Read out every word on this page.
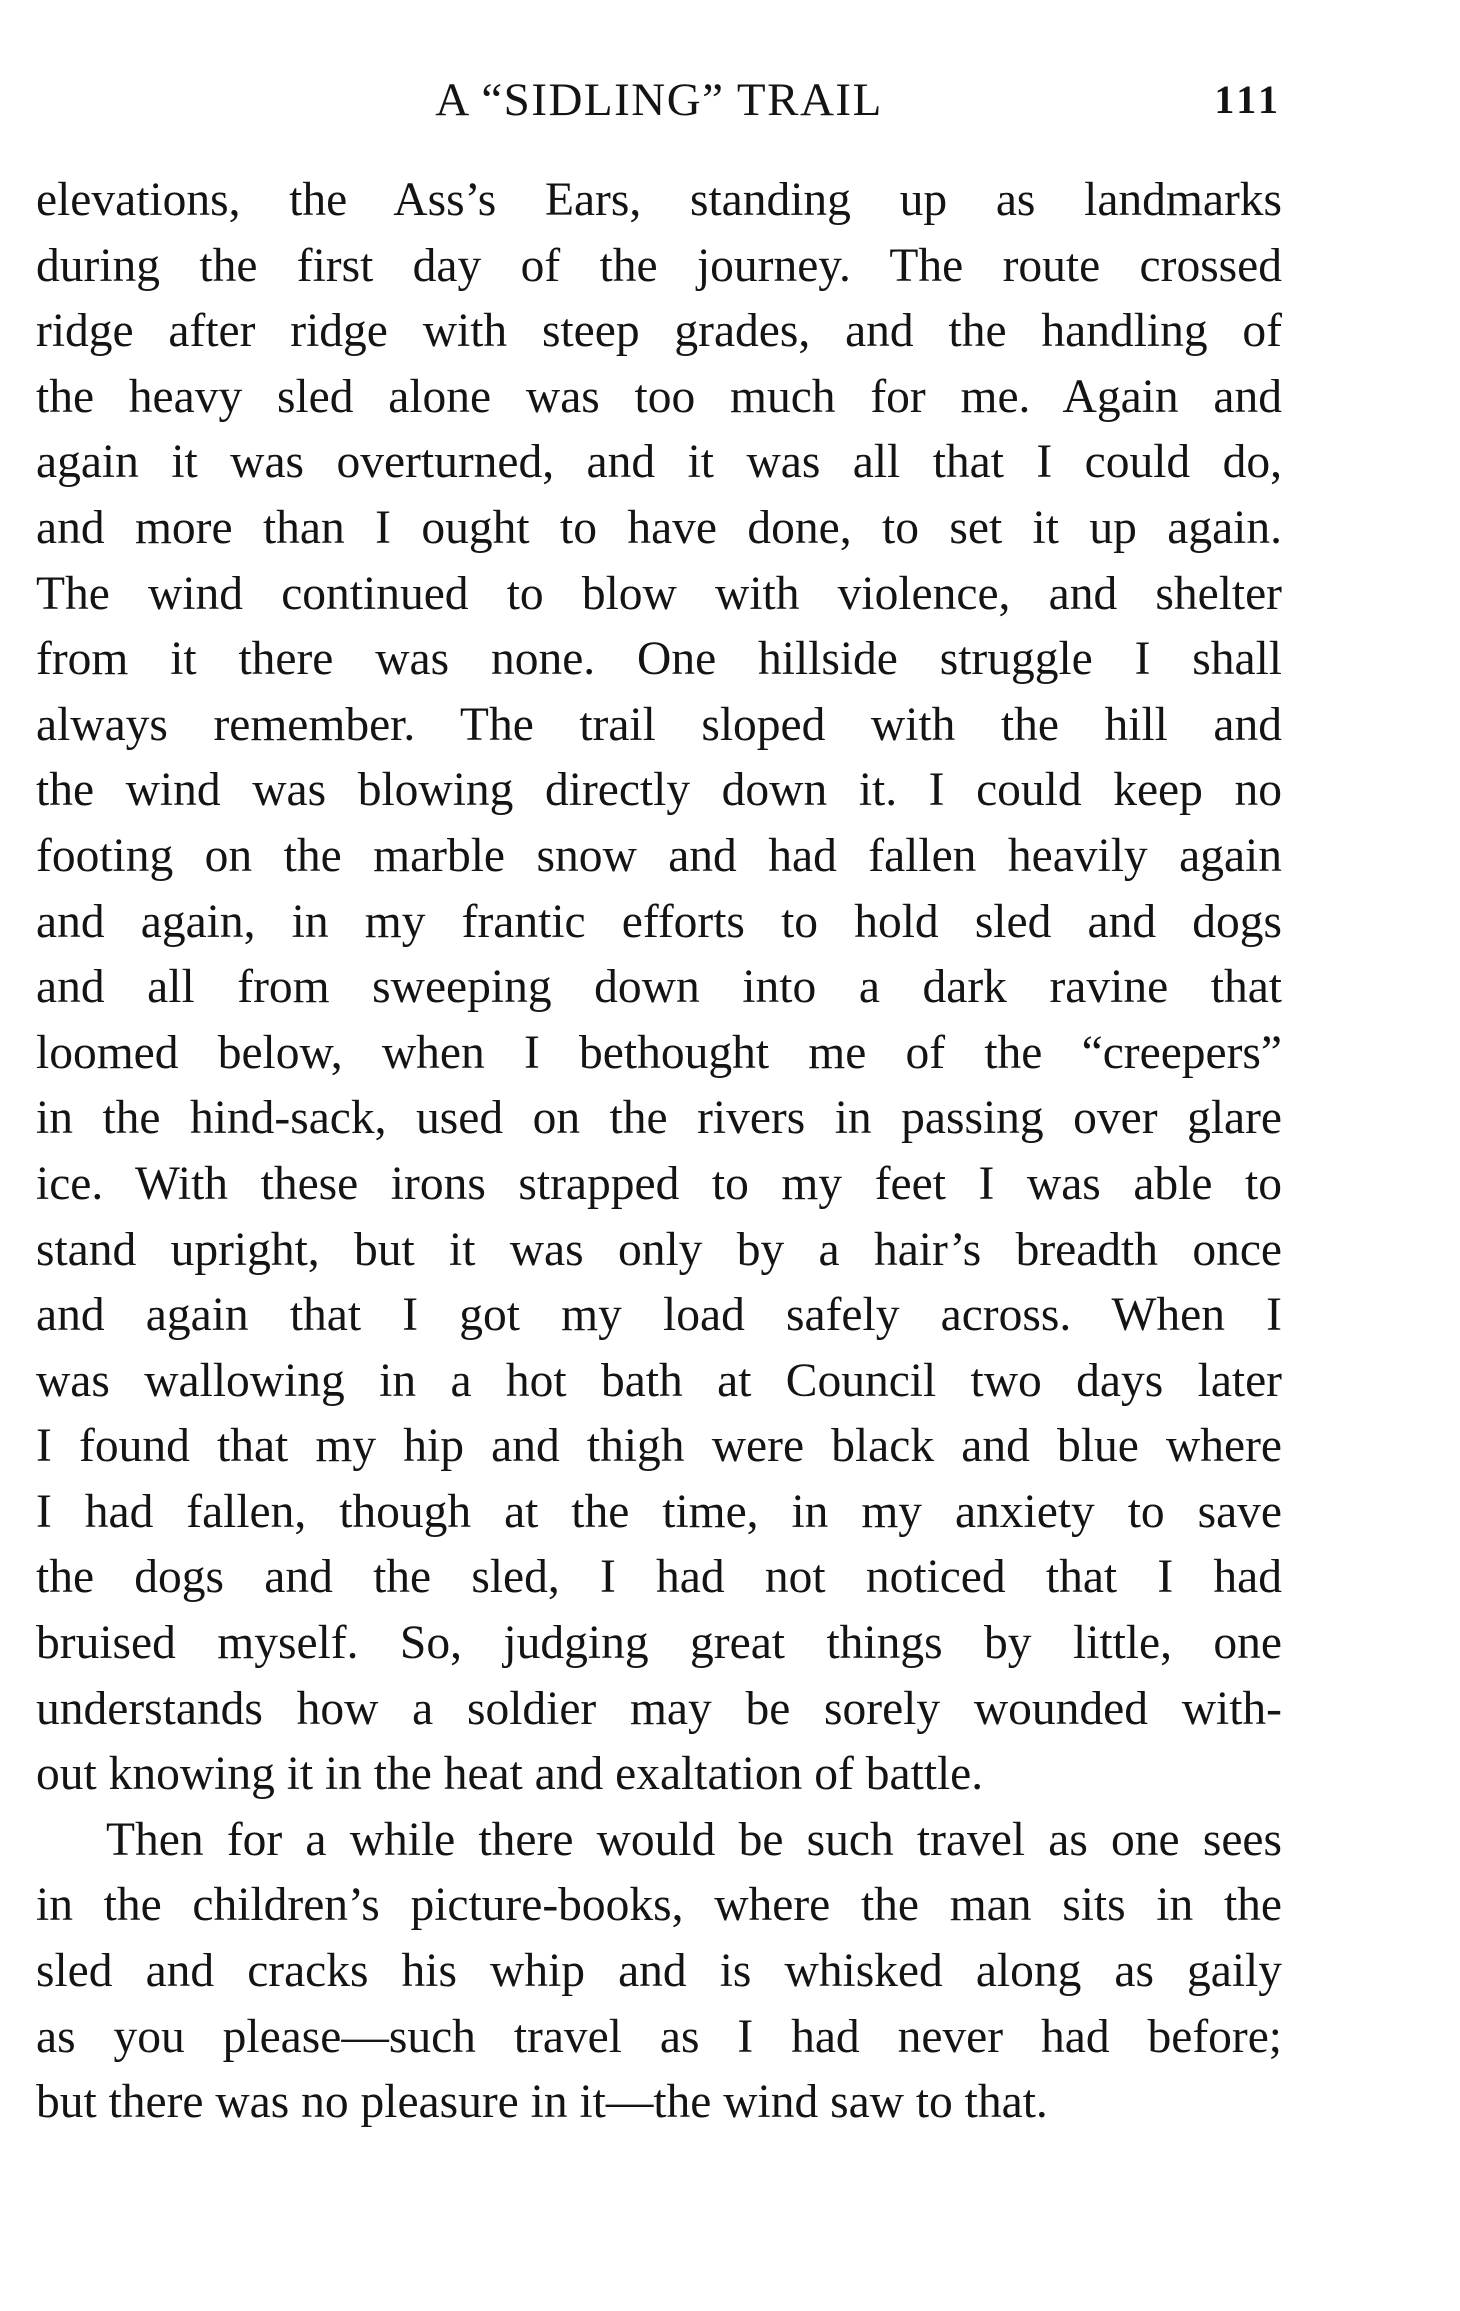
A “SIDLING” TRAIL	111

elevations, the Ass’s Ears, standing up as landmarks
during the first day of the journey. The route crossed
ridge after ridge with steep grades, and the handling of
the heavy sled alone was too much for me. Again and
again it was overturned, and it was all that I could do,
and more than I ought to have done, to set it up again.
The wind continued to blow with violence, and shelter
from it there was none. One hillside struggle I shall
always remember. The trail sloped with the hill and
the wind was blowing directly down it. I could keep no
footing on the marble snow and had fallen heavily again
and again, in my frantic efforts to hold sled and dogs
and all from sweeping down into a dark ravine that
loomed below, when I bethought me of the “creepers”
in the hind-sack, used on the rivers in passing over glare
ice. With these irons strapped to my feet I was able to
stand upright, but it was only by a hair’s breadth once
and again that I got my load safely across. When I
was wallowing in a hot bath at Council two days later
I found that my hip and thigh were black and blue where
I had fallen, though at the time, in my anxiety to save
the dogs and the sled, I had not noticed that I had
bruised myself. So, judging great things by little, one
understands how a soldier may be sorely wounded with-
out knowing it in the heat and exaltation of battle.

Then for a while there would be such travel as one sees
in the children’s picture-books, where the man sits in the
sled and cracks his whip and is whisked along as gaily
as you please—such travel as I had never had before;
but there was no pleasure in it—the wind saw to that.
